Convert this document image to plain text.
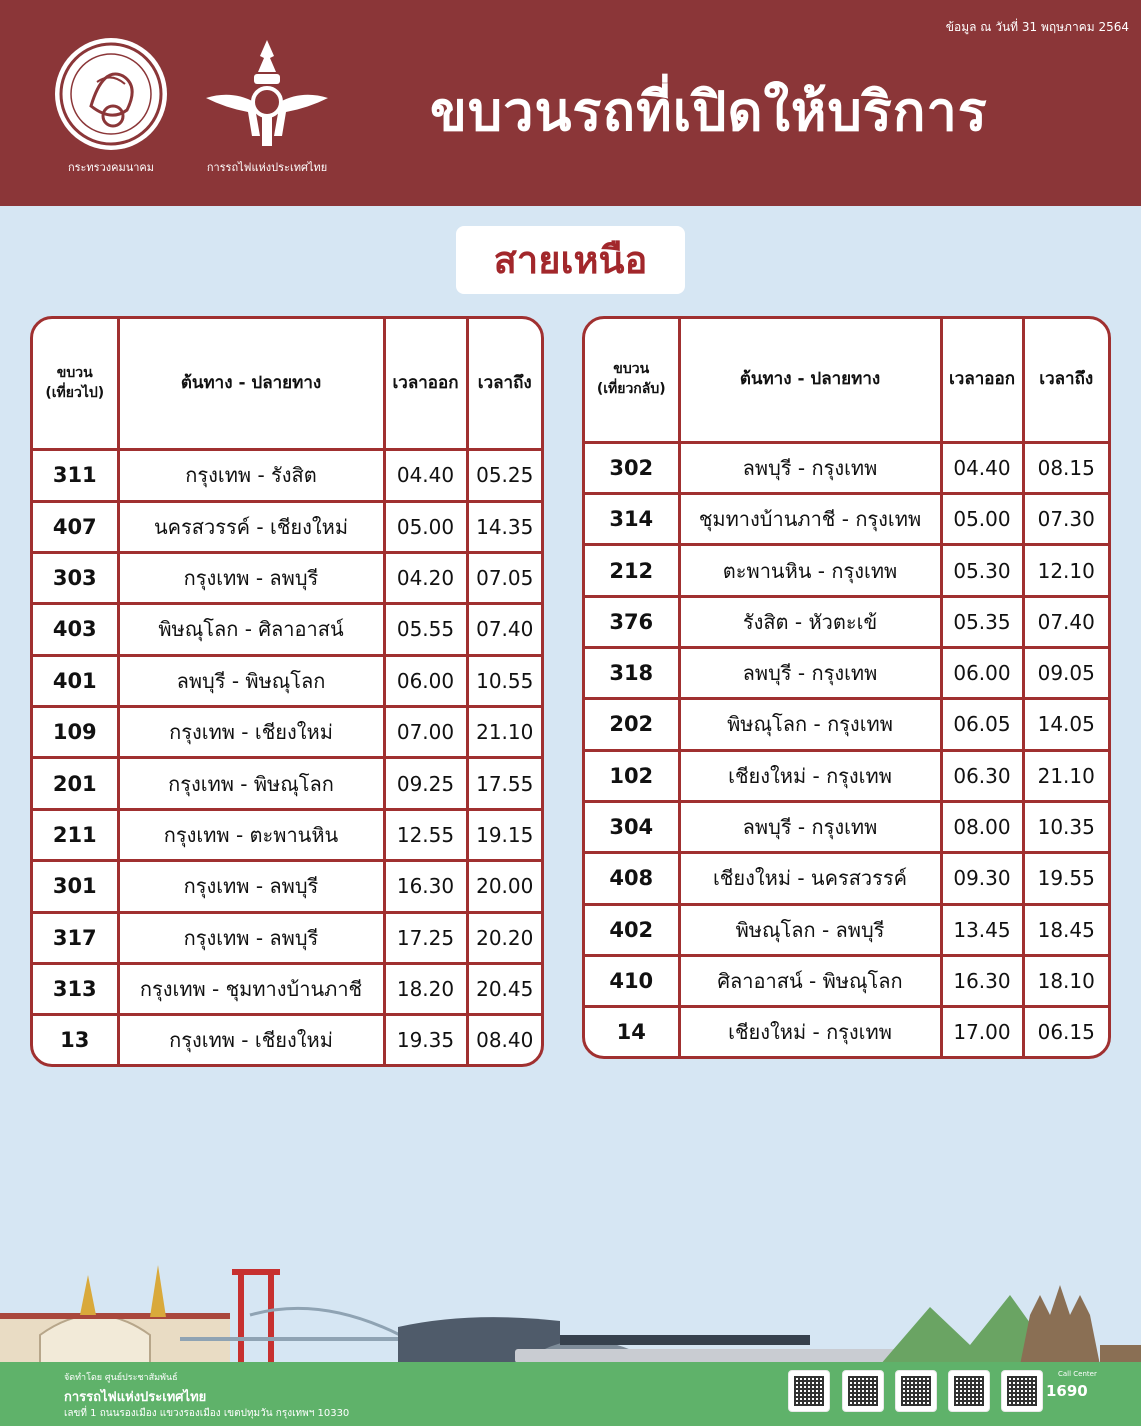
ข้อมูล ณ วันที่ 31 พฤษภาคม 2564
กระทรวงคมนาคม	การรถไฟแห่งประเทศไทย
ขบวนรถที่เปิดให้บริการ
สายเหนือ
ขบวน
(เที่ยวไป)	ต้นทาง - ปลายทาง	เวลาออก	เวลาถึง
311	กรุงเทพ - รังสิต	04.40	05.25
407	นครสวรรค์ - เชียงใหม่	05.00	14.35
303	กรุงเทพ - ลพบุรี	04.20	07.05
403	พิษณุโลก - ศิลาอาสน์	05.55	07.40
401	ลพบุรี - พิษณุโลก	06.00	10.55
109	กรุงเทพ - เชียงใหม่	07.00	21.10
201	กรุงเทพ - พิษณุโลก	09.25	17.55
211	กรุงเทพ - ตะพานหิน	12.55	19.15
301	กรุงเทพ - ลพบุรี	16.30	20.00
317	กรุงเทพ - ลพบุรี	17.25	20.20
313	กรุงเทพ - ชุมทางบ้านภาชี	18.20	20.45
13	กรุงเทพ - เชียงใหม่	19.35	08.40
ขบวน
(เที่ยวกลับ)	ต้นทาง - ปลายทาง	เวลาออก	เวลาถึง
302	ลพบุรี - กรุงเทพ	04.40	08.15
314	ชุมทางบ้านภาชี - กรุงเทพ	05.00	07.30
212	ตะพานหิน - กรุงเทพ	05.30	12.10
376	รังสิต - หัวตะเข้	05.35	07.40
318	ลพบุรี - กรุงเทพ	06.00	09.05
202	พิษณุโลก - กรุงเทพ	06.05	14.05
102	เชียงใหม่ - กรุงเทพ	06.30	21.10
304	ลพบุรี - กรุงเทพ	08.00	10.35
408	เชียงใหม่ - นครสวรรค์	09.30	19.55
402	พิษณุโลก - ลพบุรี	13.45	18.45
410	ศิลาอาสน์ - พิษณุโลก	16.30	18.10
14	เชียงใหม่ - กรุงเทพ	17.00	06.15
จัดทำโดย ศูนย์ประชาสัมพันธ์
การรถไฟแห่งประเทศไทย
เลขที่ 1 ถนนรองเมือง แขวงรองเมือง เขตปทุมวัน กรุงเทพฯ 10330
Call Center
1690
